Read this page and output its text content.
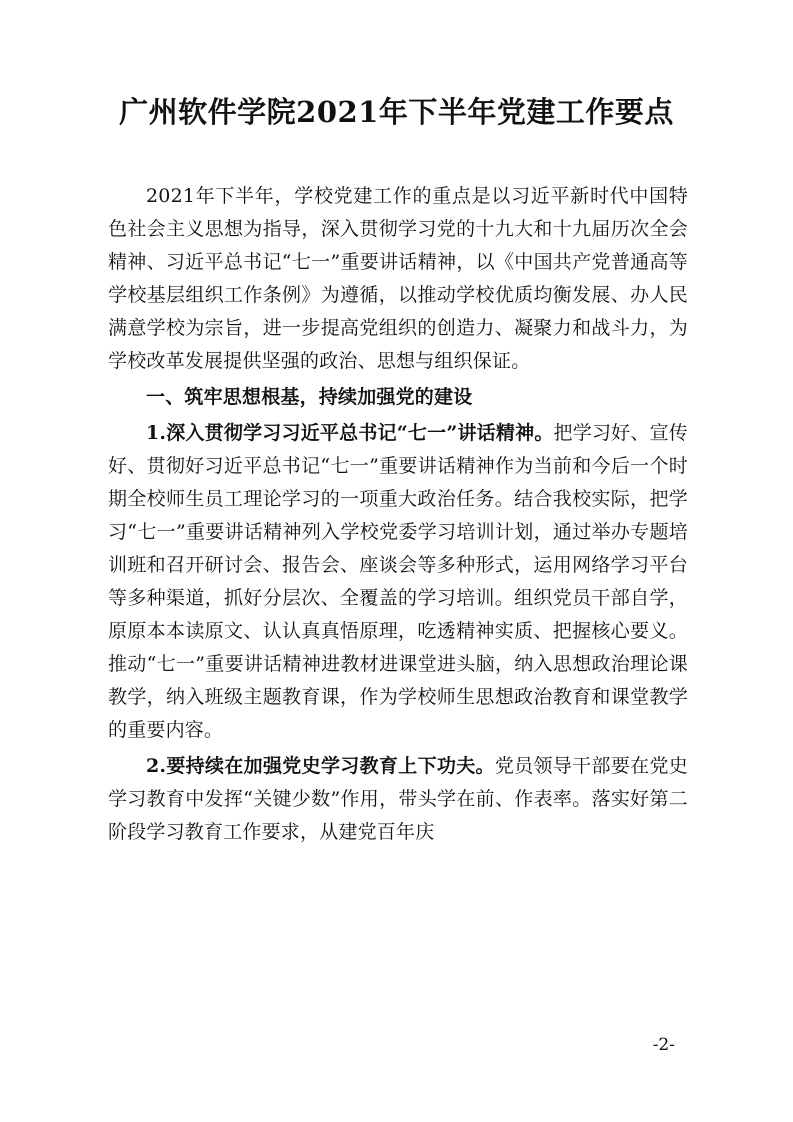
广州软件学院2021年下半年党建工作要点

2021年下半年，学校党建工作的重点是以习近平新时代中国特色社会主义思想为指导，深入贯彻学习党的十九大和十九届历次全会精神、习近平总书记“七一”重要讲话精神，以《中国共产党普通高等学校基层组织工作条例》为遵循，以推动学校优质均衡发展、办人民满意学校为宗旨，进一步提高党组织的创造力、凝聚力和战斗力，为学校改革发展提供坚强的政治、思想与组织保证。

一、筑牢思想根基，持续加强党的建设

1.深入贯彻学习习近平总书记“七一”讲话精神。把学习好、宣传好、贯彻好习近平总书记“七一”重要讲话精神作为当前和今后一个时期全校师生员工理论学习的一项重大政治任务。结合我校实际，把学习“七一”重要讲话精神列入学校党委学习培训计划，通过举办专题培训班和召开研讨会、报告会、座谈会等多种形式，运用网络学习平台等多种渠道，抓好分层次、全覆盖的学习培训。组织党员干部自学，原原本本读原文、认认真真悟原理，吃透精神实质、把握核心要义。推动“七一”重要讲话精神进教材进课堂进头脑，纳入思想政治理论课教学，纳入班级主题教育课，作为学校师生思想政治教育和课堂教学的重要内容。

2.要持续在加强党史学习教育上下功夫。党员领导干部要在党史学习教育中发挥“关键少数”作用，带头学在前、作表率。落实好第二阶段学习教育工作要求，从建党百年庆

-2-
